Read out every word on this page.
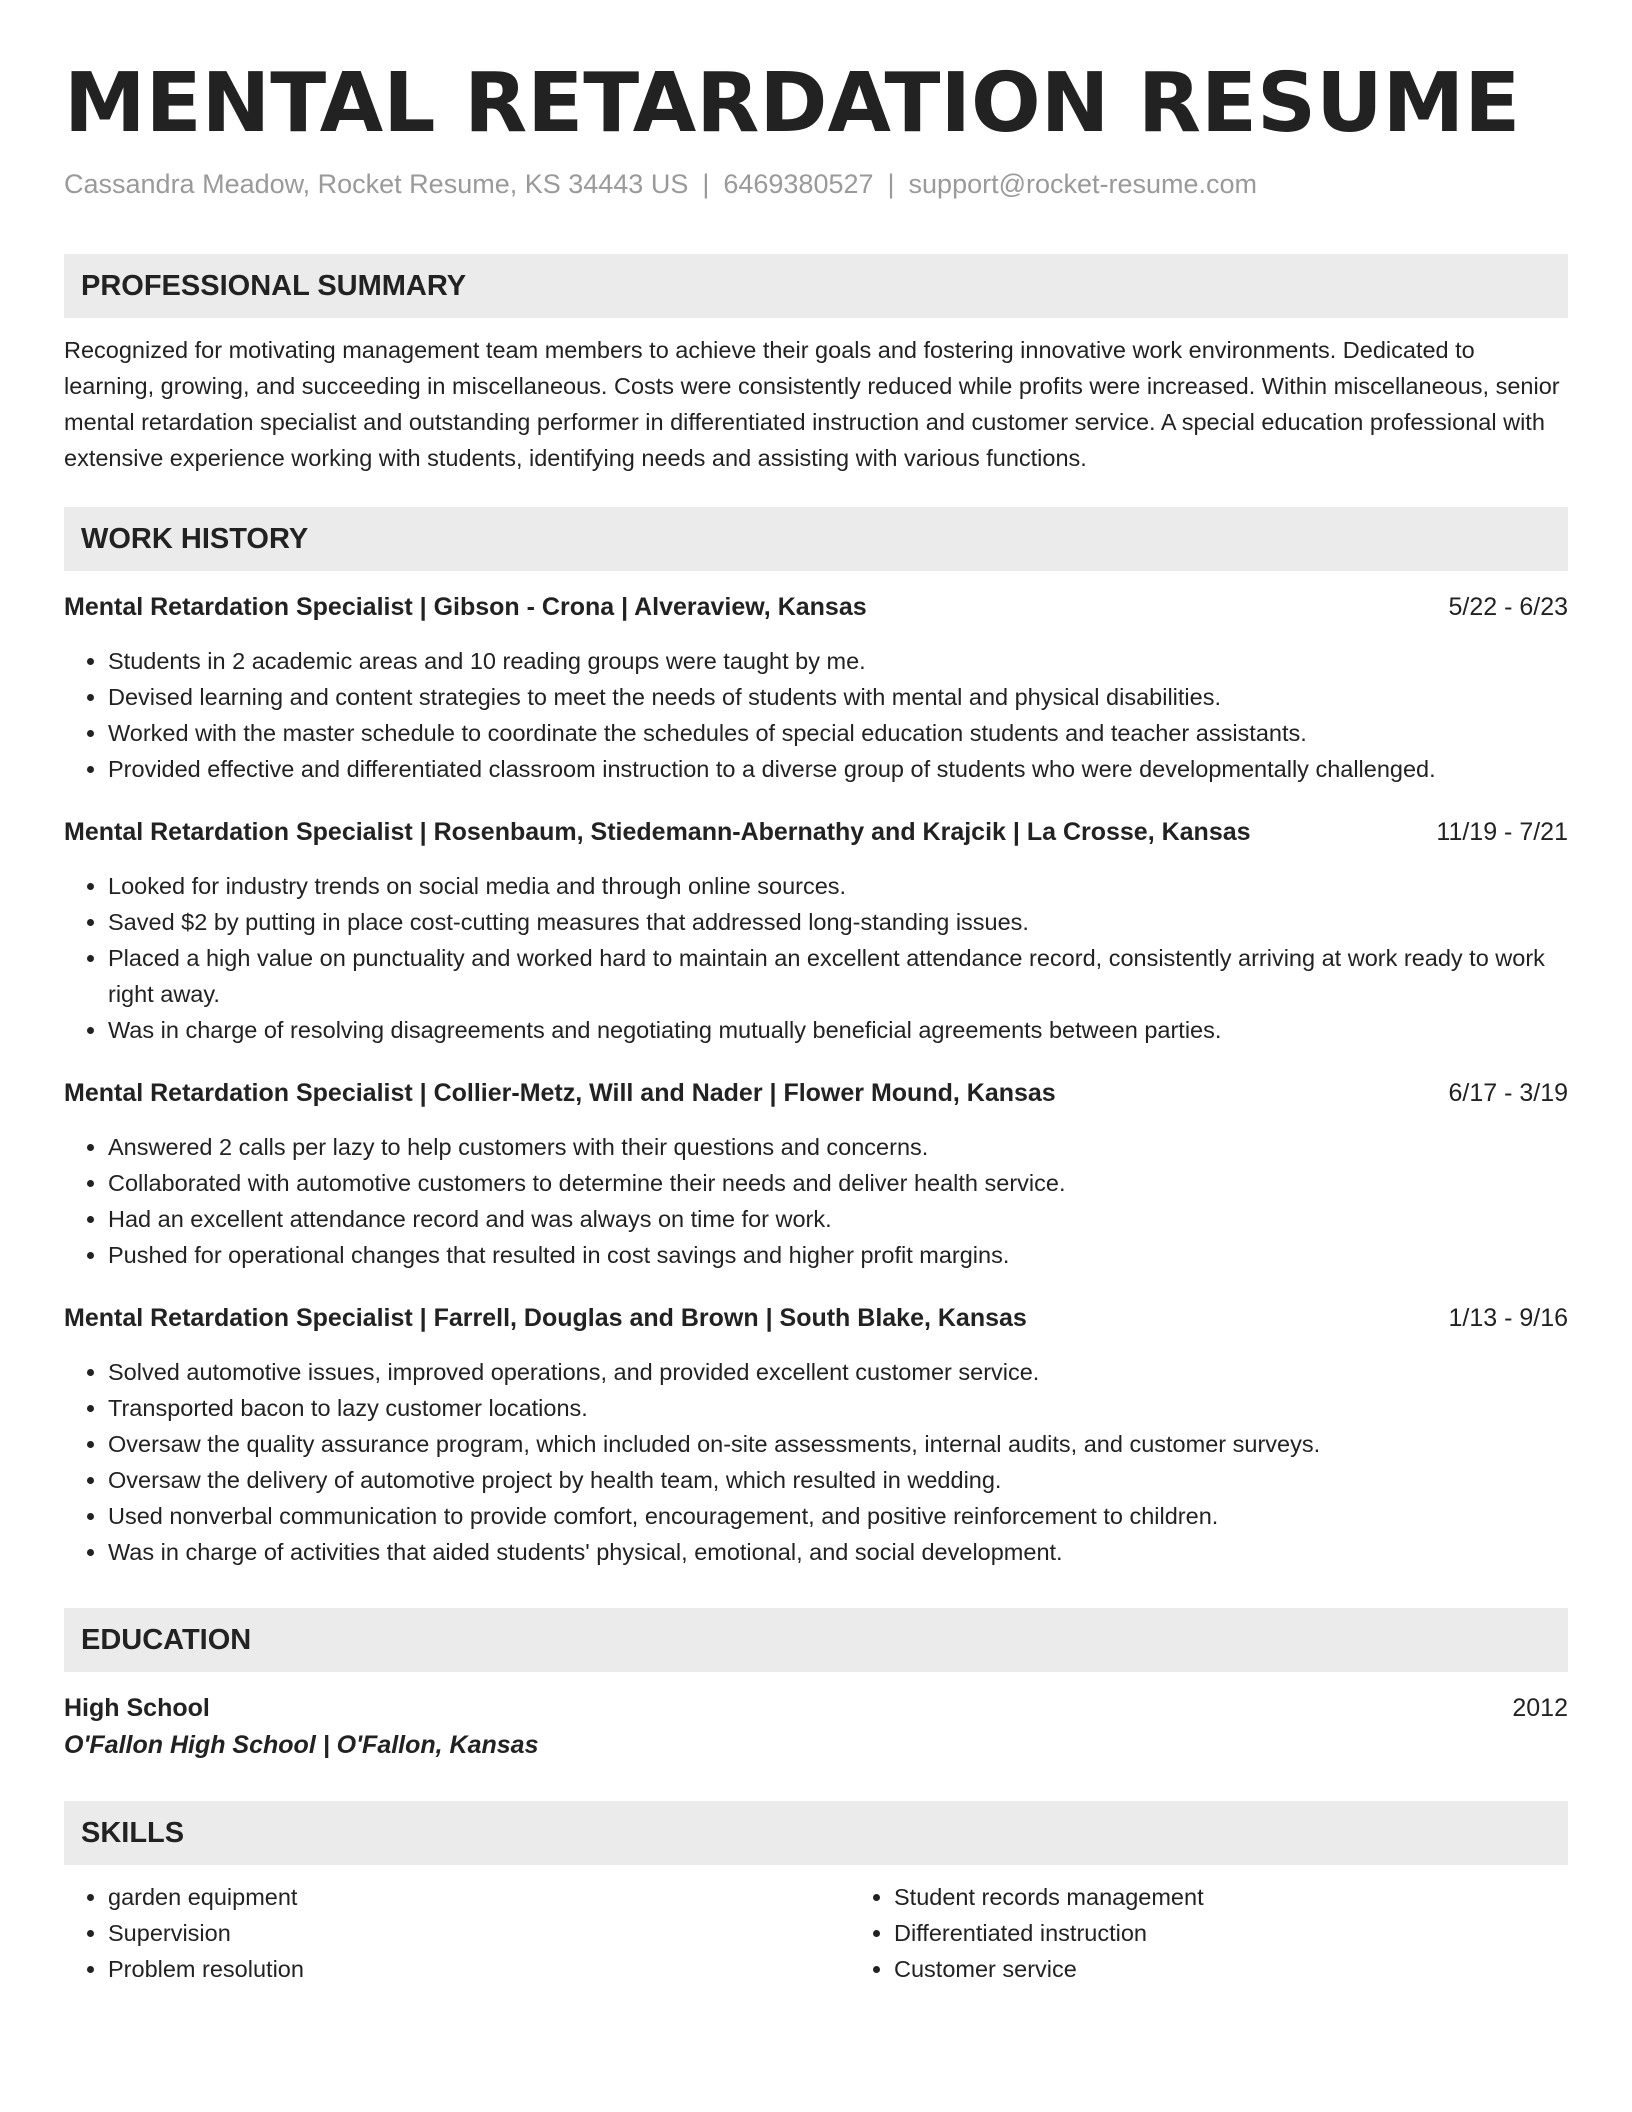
MENTAL RETARDATION RESUME
Cassandra Meadow, Rocket Resume, KS 34443 US | 6469380527 | support@rocket-resume.com
PROFESSIONAL SUMMARY

Recognized for motivating management team members to achieve their goals and fostering innovative work environments. Dedicated to learning, growing, and succeeding in miscellaneous. Costs were consistently reduced while profits were increased. Within miscellaneous, senior mental retardation specialist and outstanding performer in differentiated instruction and customer service. A special education professional with extensive experience working with students, identifying needs and assisting with various functions.

WORK HISTORY
Mental Retardation Specialist | Gibson - Crona | Alveraview, Kansas	5/22 - 6/23
• Students in 2 academic areas and 10 reading groups were taught by me.
• Devised learning and content strategies to meet the needs of students with mental and physical disabilities.
• Worked with the master schedule to coordinate the schedules of special education students and teacher assistants.
• Provided effective and differentiated classroom instruction to a diverse group of students who were developmentally challenged.
Mental Retardation Specialist | Rosenbaum, Stiedemann-Abernathy and Krajcik | La Crosse, Kansas	11/19 - 7/21
• Looked for industry trends on social media and through online sources.
• Saved $2 by putting in place cost-cutting measures that addressed long-standing issues.
• Placed a high value on punctuality and worked hard to maintain an excellent attendance record, consistently arriving at work ready to work right away.
• Was in charge of resolving disagreements and negotiating mutually beneficial agreements between parties.
Mental Retardation Specialist | Collier-Metz, Will and Nader | Flower Mound, Kansas	6/17 - 3/19
• Answered 2 calls per lazy to help customers with their questions and concerns.
• Collaborated with automotive customers to determine their needs and deliver health service.
• Had an excellent attendance record and was always on time for work.
• Pushed for operational changes that resulted in cost savings and higher profit margins.
Mental Retardation Specialist | Farrell, Douglas and Brown | South Blake, Kansas	1/13 - 9/16
• Solved automotive issues, improved operations, and provided excellent customer service.
• Transported bacon to lazy customer locations.
• Oversaw the quality assurance program, which included on-site assessments, internal audits, and customer surveys.
• Oversaw the delivery of automotive project by health team, which resulted in wedding.
• Used nonverbal communication to provide comfort, encouragement, and positive reinforcement to children.
• Was in charge of activities that aided students' physical, emotional, and social development.
EDUCATION
High School	2012
O'Fallon High School | O'Fallon, Kansas
SKILLS
• garden equipment
• Supervision
• Problem resolution
• Student records management
• Differentiated instruction
• Customer service
